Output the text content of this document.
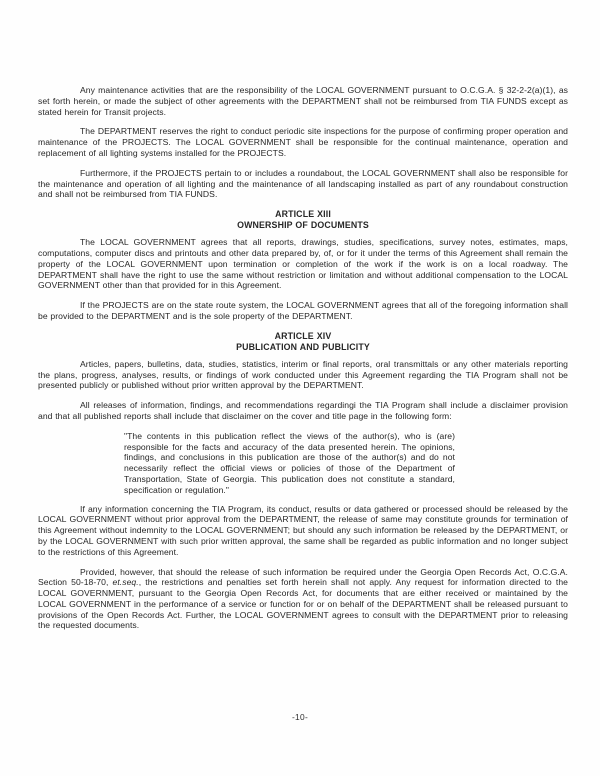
Any maintenance activities that are the responsibility of the LOCAL GOVERNMENT pursuant to O.C.G.A. § 32-2-2(a)(1), as set forth herein, or made the subject of other agreements with the DEPARTMENT shall not be reimbursed from TIA FUNDS except as stated herein for Transit projects.

The DEPARTMENT reserves the right to conduct periodic site inspections for the purpose of confirming proper operation and maintenance of the PROJECTS. The LOCAL GOVERNMENT shall be responsible for the continual maintenance, operation and replacement of all lighting systems installed for the PROJECTS.

Furthermore, if the PROJECTS pertain to or includes a roundabout, the LOCAL GOVERNMENT shall also be responsible for the maintenance and operation of all lighting and the maintenance of all landscaping installed as part of any roundabout construction and shall not be reimbursed from TIA FUNDS.

ARTICLE XIII
OWNERSHIP OF DOCUMENTS

The LOCAL GOVERNMENT agrees that all reports, drawings, studies, specifications, survey notes, estimates, maps, computations, computer discs and printouts and other data prepared by, of, or for it under the terms of this Agreement shall remain the property of the LOCAL GOVERNMENT upon termination or completion of the work if the work is on a local roadway. The DEPARTMENT shall have the right to use the same without restriction or limitation and without additional compensation to the LOCAL GOVERNMENT other than that provided for in this Agreement.

If the PROJECTS are on the state route system, the LOCAL GOVERNMENT agrees that all of the foregoing information shall be provided to the DEPARTMENT and is the sole property of the DEPARTMENT.

ARTICLE XIV
PUBLICATION AND PUBLICITY

Articles, papers, bulletins, data, studies, statistics, interim or final reports, oral transmittals or any other materials reporting the plans, progress, analyses, results, or findings of work conducted under this Agreement regarding the TIA Program shall not be presented publicly or published without prior written approval by the DEPARTMENT.

All releases of information, findings, and recommendations regardingi the TIA Program shall include a disclaimer provision and that all published reports shall include that disclaimer on the cover and title page in the following form:

"The contents in this publication reflect the views of the author(s), who is (are) responsible for the facts and accuracy of the data presented herein. The opinions, findings, and conclusions in this publication are those of the author(s) and do not necessarily reflect the official views or policies of those of the Department of Transportation, State of Georgia. This publication does not constitute a standard, specification or regulation."

If any information concerning the TIA Program, its conduct, results or data gathered or processed should be released by the LOCAL GOVERNMENT without prior approval from the DEPARTMENT, the release of same may constitute grounds for termination of this Agreement without indemnity to the LOCAL GOVERNMENT; but should any such information be released by the DEPARTMENT, or by the LOCAL GOVERNMENT with such prior written approval, the same shall be regarded as public information and no longer subject to the restrictions of this Agreement.

Provided, however, that should the release of such information be required under the Georgia Open Records Act, O.C.G.A. Section 50-18-70, et.seq., the restrictions and penalties set forth herein shall not apply. Any request for information directed to the LOCAL GOVERNMENT, pursuant to the Georgia Open Records Act, for documents that are either received or maintained by the LOCAL GOVERNMENT in the performance of a service or function for or on behalf of the DEPARTMENT shall be released pursuant to provisions of the Open Records Act. Further, the LOCAL GOVERNMENT agrees to consult with the DEPARTMENT prior to releasing the requested documents.

-10-
